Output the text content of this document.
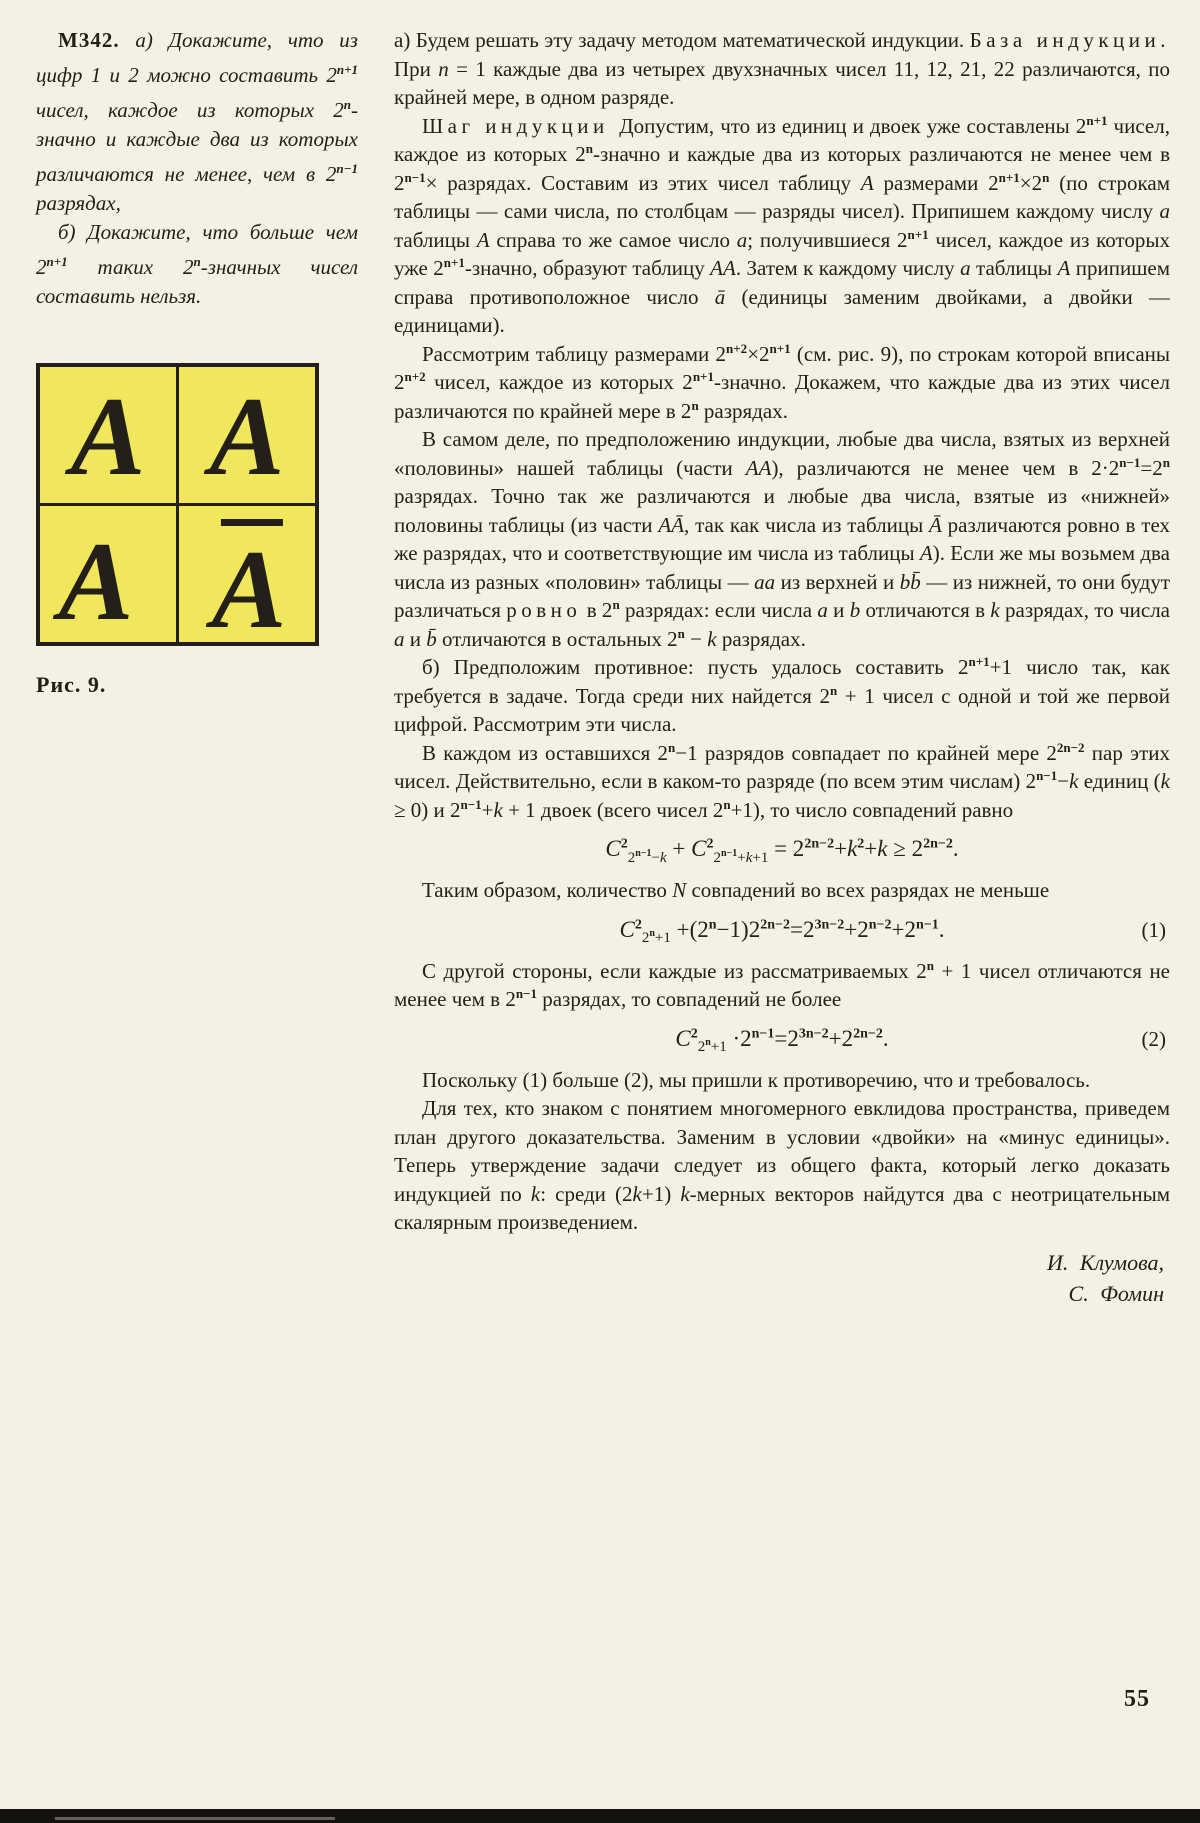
М342. а) Докажите, что из цифр 1 и 2 можно составить $2^{n+1}$ чисел, каждое из которых 2$^n$-значно и каждые два из которых различаются не менее, чем в $2^{n-1}$ разрядах,

б) Докажите, что больше чем $2^{n+1}$ таких 2$^n$-значных чисел составить нельзя.

A A
A A
Рис. 9.

а) Будем решать эту задачу методом математической индукции. База индукции. При n = 1 каждые два из четырех двухзначных чисел 11, 12, 21, 22 различаются, по крайней мере, в одном разряде.

Шаг индукции Допустим, что из единиц и двоек уже составлены $2^{n+1}$ чисел, каждое из которых 2$^n$-значно и каждые два из которых различаются не менее чем в $2^{n-1}\times$ разрядах. Составим из этих чисел таблицу A размерами $2^{n+1}\times 2^n$ (по строкам таблицы — сами числа, по столбцам — разряды чисел). Припишем каждому числу a таблицы A справа то же самое число a; получившиеся $2^{n+1}$ чисел, каждое из которых уже $2^{n+1}$-значно, образуют таблицу AA. Затем к каждому числу a таблицы A припишем справа противоположное число ā (единицы заменим двойками, а двойки — единицами).

Рассмотрим таблицу размерами $2^{n+2}\times 2^{n+1}$ (см. рис. 9), по строкам которой вписаны $2^{n+2}$ чисел, каждое из которых $2^{n+1}$-значно. Докажем, что каждые два из этих чисел различаются по крайней мере в 2$^n$ разрядах.

В самом деле, по предположению индукции, любые два числа, взятых из верхней «половины» нашей таблицы (части AA), различаются не менее чем в $2\cdot 2^{n-1}=2^n$ разрядах. Точно так же различаются и любые два числа, взятые из «нижней» половины таблицы (из части AĀ, так как числа из таблицы Ā различаются ровно в тех же разрядах, что и соответствующие им числа из таблицы A). Если же мы возьмем два числа из разных «половин» таблицы — aa из верхней и bb̄ — из нижней, то они будут различаться ровно в 2$^n$ разрядах: если числа a и b отличаются в k разрядах, то числа a и b̄ отличаются в остальных $2^n - k$ разрядах.

б) Предположим противное: пусть удалось составить $2^{n+1}+1$ число так, как требуется в задаче. Тогда среди них найдется $2^n + 1$ чисел с одной и той же первой цифрой. Рассмотрим эти числа.

В каждом из оставшихся $2^n-1$ разрядов совпадает по крайней мере $2^{2n-2}$ пар этих чисел. Действительно, если в каком-то разряде (по всем этим числам) $2^{n-1}-k$ единиц (k ≥ 0) и $2^{n-1}+k + 1$ двоек (всего чисел $2^n+1$), то число совпадений равно

$C^2_{2^{n-1}-k} + C^2_{2^{n-1}+k+1} = 2^{2n-2}+k^2+k \ge 2^{2n-2}$.

Таким образом, количество N совпадений во всех разрядах не меньше

$C^2_{2^n+1} +(2^n-1)2^{2n-2}=2^{3n-2}+2^{n-2}+2^{n-1}$.	(1)

С другой стороны, если каждые из рассматриваемых $2^n + 1$ чисел отличаются не менее чем в $2^{n-1}$ разрядах, то совпадений не более

$C^2_{2^n+1} \cdot 2^{n-1}=2^{3n-2}+2^{2n-2}$.	(2)

Поскольку (1) больше (2), мы пришли к противоречию, что и требовалось.

Для тех, кто знаком с понятием многомерного евклидова пространства, приведем план другого доказательства. Заменим в условии «двойки» на «минус единицы». Теперь утверждение задачи следует из общего факта, который легко доказать индукцией по k: среди (2k+1) k-мерных векторов найдутся два с неотрицательным скалярным произведением.

И. Клумова,
С. Фомин
55
